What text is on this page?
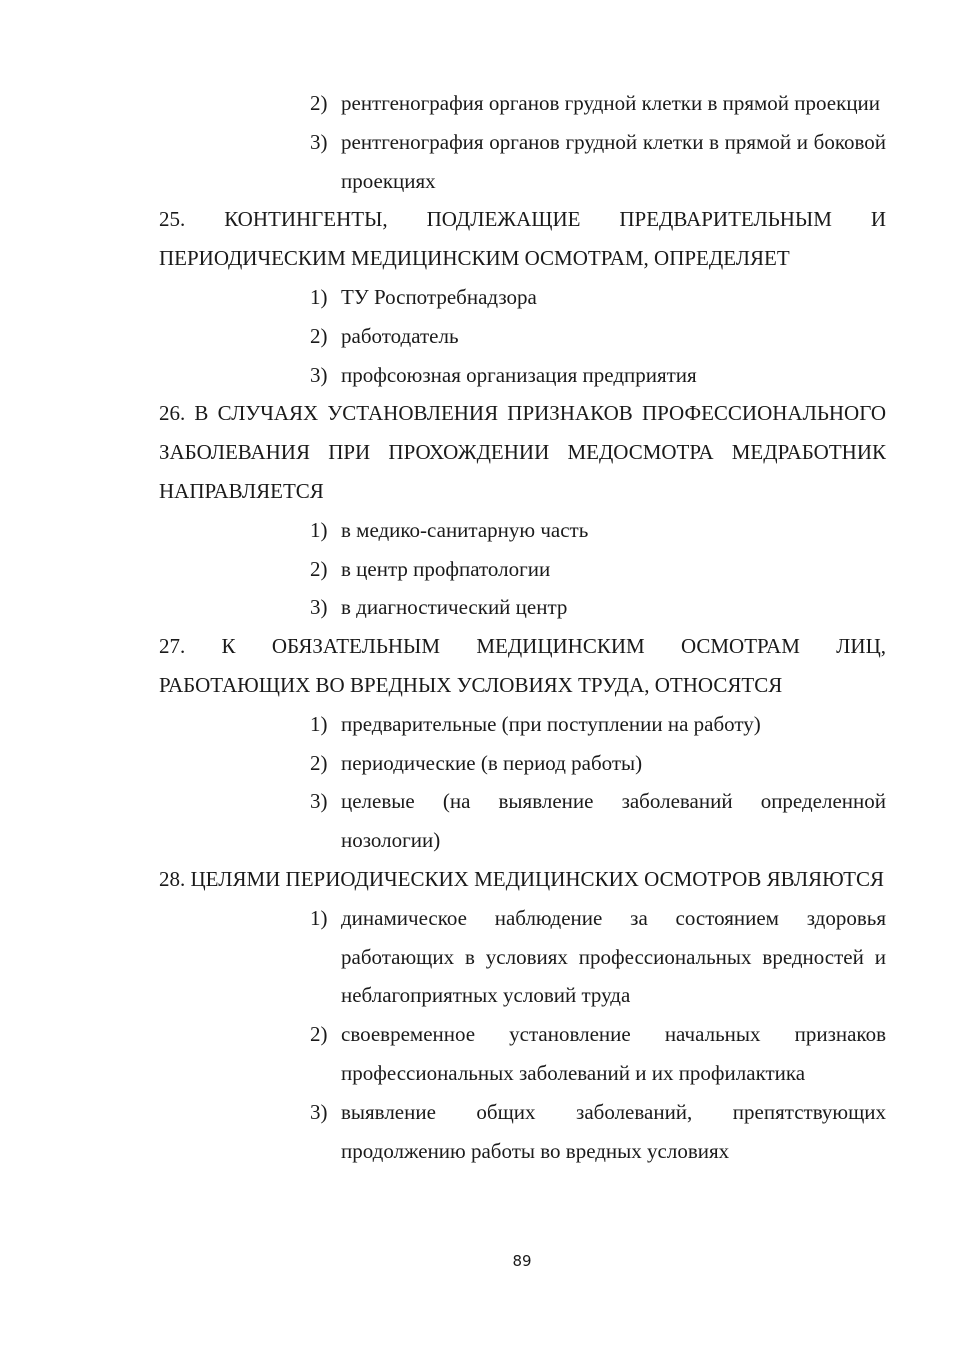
2) рентгенография органов грудной клетки в прямой проекции
3) рентгенография органов грудной клетки в прямой и боковой проекциях
25. КОНТИНГЕНТЫ, ПОДЛЕЖАЩИЕ ПРЕДВАРИТЕЛЬНЫМ И ПЕРИОДИЧЕСКИМ МЕДИЦИНСКИМ ОСМОТРАМ, ОПРЕДЕЛЯЕТ
1) ТУ Роспотребнадзора
2) работодатель
3) профсоюзная организация предприятия
26. В СЛУЧАЯХ УСТАНОВЛЕНИЯ ПРИЗНАКОВ ПРОФЕССИОНАЛЬНОГО ЗАБОЛЕВАНИЯ ПРИ ПРОХОЖДЕНИИ МЕДОСМОТРА МЕДРАБОТНИК НАПРАВЛЯЕТСЯ
1) в медико-санитарную часть
2) в центр профпатологии
3) в диагностический центр
27. К ОБЯЗАТЕЛЬНЫМ МЕДИЦИНСКИМ ОСМОТРАМ ЛИЦ, РАБОТАЮЩИХ ВО ВРЕДНЫХ УСЛОВИЯХ ТРУДА, ОТНОСЯТСЯ
1) предварительные (при поступлении на работу)
2) периодические (в период работы)
3) целевые (на выявление заболеваний определенной нозологии)
28. ЦЕЛЯМИ ПЕРИОДИЧЕСКИХ МЕДИЦИНСКИХ ОСМОТРОВ ЯВЛЯЮТСЯ
1) динамическое наблюдение за состоянием здоровья работающих в условиях профессиональных вредностей и неблагоприятных условий труда
2) своевременное установление начальных признаков профессиональных заболеваний и их профилактика
3) выявление общих заболеваний, препятствующих продолжению работы во вредных условиях
89
